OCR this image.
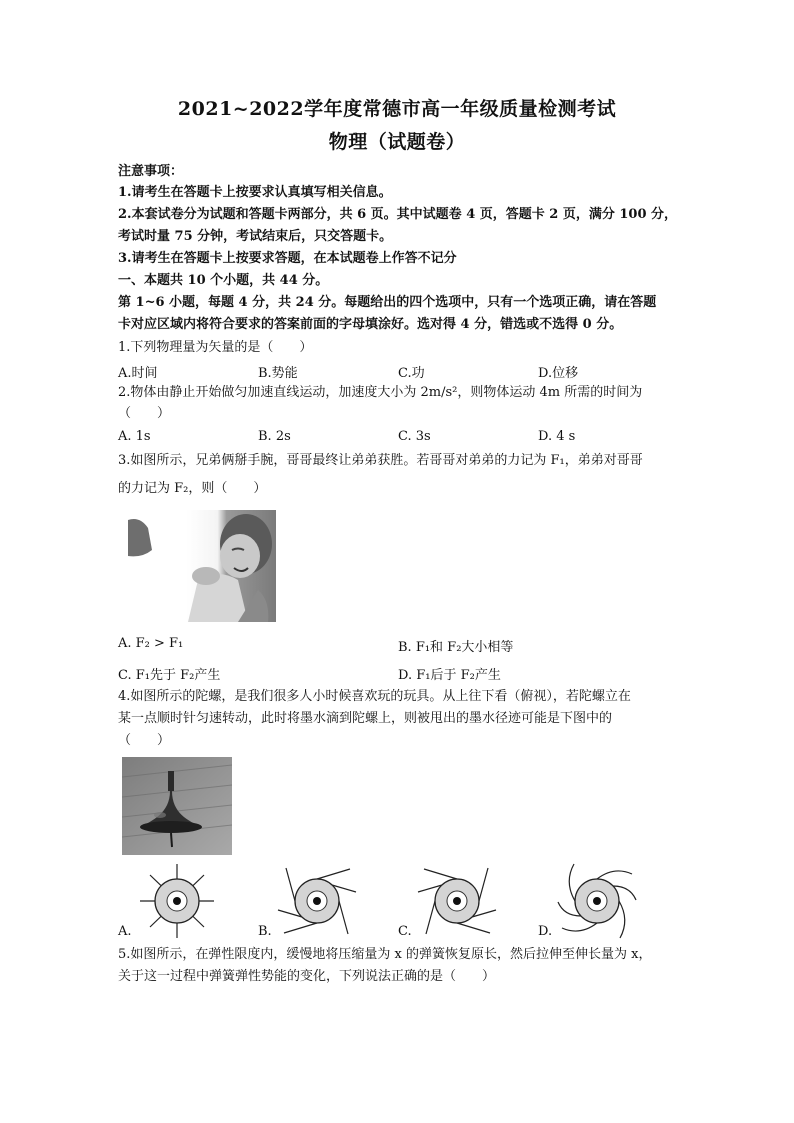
2021~2022学年度常德市高一年级质量检测考试
物理（试题卷）
注意事项：
1.请考生在答题卡上按要求认真填写相关信息。
2.本套试卷分为试题和答题卡两部分，共 6 页。其中试题卷 4 页，答题卡 2 页，满分 100 分，
考试时量 75 分钟，考试结束后，只交答题卡。
3.请考生在答题卡上按要求答题，在本试题卷上作答不记分
一、本题共 10 个小题，共 44 分。
第 1~6 小题，每题 4 分，共 24 分。每题给出的四个选项中，只有一个选项正确，请在答题
卡对应区域内将符合要求的答案前面的字母填涂好。选对得 4 分，错选或不选得 0 分。
1.下列物理量为矢量的是（　　）
A.时间	B.势能	C.功	D.位移
2.物体由静止开始做匀加速直线运动，加速度大小为 2m/s²，则物体运动 4m 所需的时间为
（　　）
A. 1s	B. 2s	C. 3s	D. 4 s
3.如图所示，兄弟俩掰手腕，哥哥最终让弟弟获胜。若哥哥对弟弟的力记为 F₁，弟弟对哥哥
的力记为 F₂，则（　　）
A. F₂ > F₁	B. F₁和 F₂大小相等
C. F₁先于 F₂产生	D. F₁后于 F₂产生
4.如图所示的陀螺，是我们很多人小时候喜欢玩的玩具。从上往下看（俯视），若陀螺立在
某一点顺时针匀速转动，此时将墨水滴到陀螺上，则被甩出的墨水径迹可能是下图中的
（　　）
A.	B.	C.	D.
5.如图所示，在弹性限度内，缓慢地将压缩量为 x 的弹簧恢复原长，然后拉伸至伸长量为 x，
关于这一过程中弹簧弹性势能的变化，下列说法正确的是（　　）
